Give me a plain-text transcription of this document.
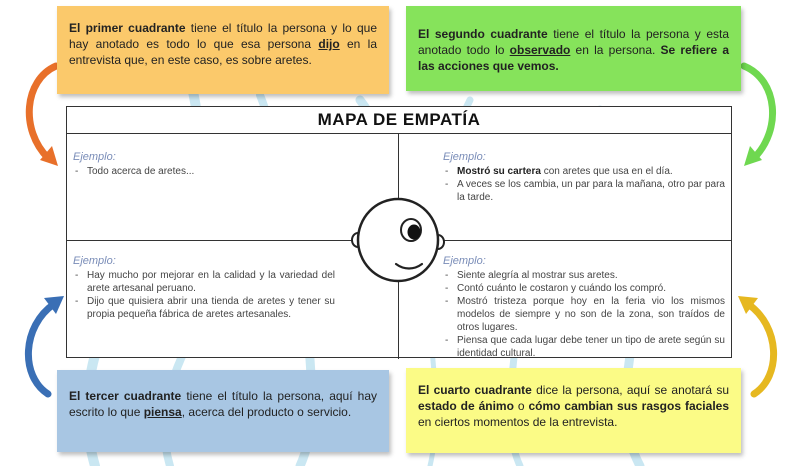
El primer cuadrante tiene el título la persona y lo que hay anotado es todo lo que esa persona dijo en la entrevista que, en este caso, es sobre aretes.
El segundo cuadrante tiene el título la persona y esta anotado todo lo observado en la persona. Se refiere a las acciones que vemos.
El tercer cuadrante tiene el título la persona, aquí hay escrito lo que piensa, acerca del producto o servicio.
El cuarto cuadrante dice la persona, aquí se anotará su estado de ánimo o cómo cambian sus rasgos faciales en ciertos momentos de la entrevista.
MAPA DE EMPATÍA
Ejemplo:
- Todo acerca de aretes...
Ejemplo:
- Mostró su cartera con aretes que usa en el día.
- A veces se los cambia, un par para la mañana, otro par para la tarde.
Ejemplo:
- Hay mucho por mejorar en la calidad y la variedad del arete artesanal peruano.
- Dijo que quisiera abrir una tienda de aretes y tener su propia pequeña fábrica de aretes artesanales.
Ejemplo:
- Siente alegría al mostrar sus aretes.
- Contó cuánto le costaron y cuándo los compró.
- Mostró tristeza porque hoy en la feria vio los mismos modelos de siempre y no son de la zona, son traídos de otros lugares.
- Piensa que cada lugar debe tener un tipo de arete según su identidad cultural.
